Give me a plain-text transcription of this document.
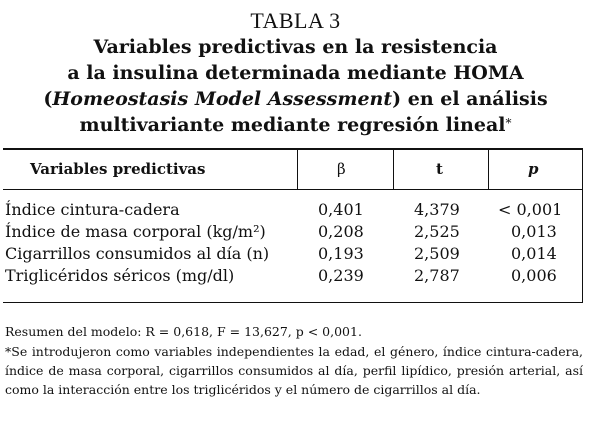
TABLA 3
Variables predictivas en la resistencia
a la insulina determinada mediante HOMA
(Homeostasis Model Assessment) en el análisis
multivariante mediante regresión lineal*
Variables predictivas	β	t	p
Índice cintura-cadera	0,401	4,379 < 0,001
Índice de masa corporal (kg/m²)	0,208	2,525	0,013
Cigarrillos consumidos al día (n)	0,193	2,509	0,014
Triglicéridos séricos (mg/dl)	0,239	2,787	0,006
Resumen del modelo: R = 0,618, F = 13,627, p < 0,001.
*Se introdujeron como variables independientes la edad, el género, índice cintura-cadera, índice de masa corporal, cigarrillos consumidos al día, perfil lipídico, presión arterial, así como la interacción entre los triglicéridos y el número de cigarrillos al día.
